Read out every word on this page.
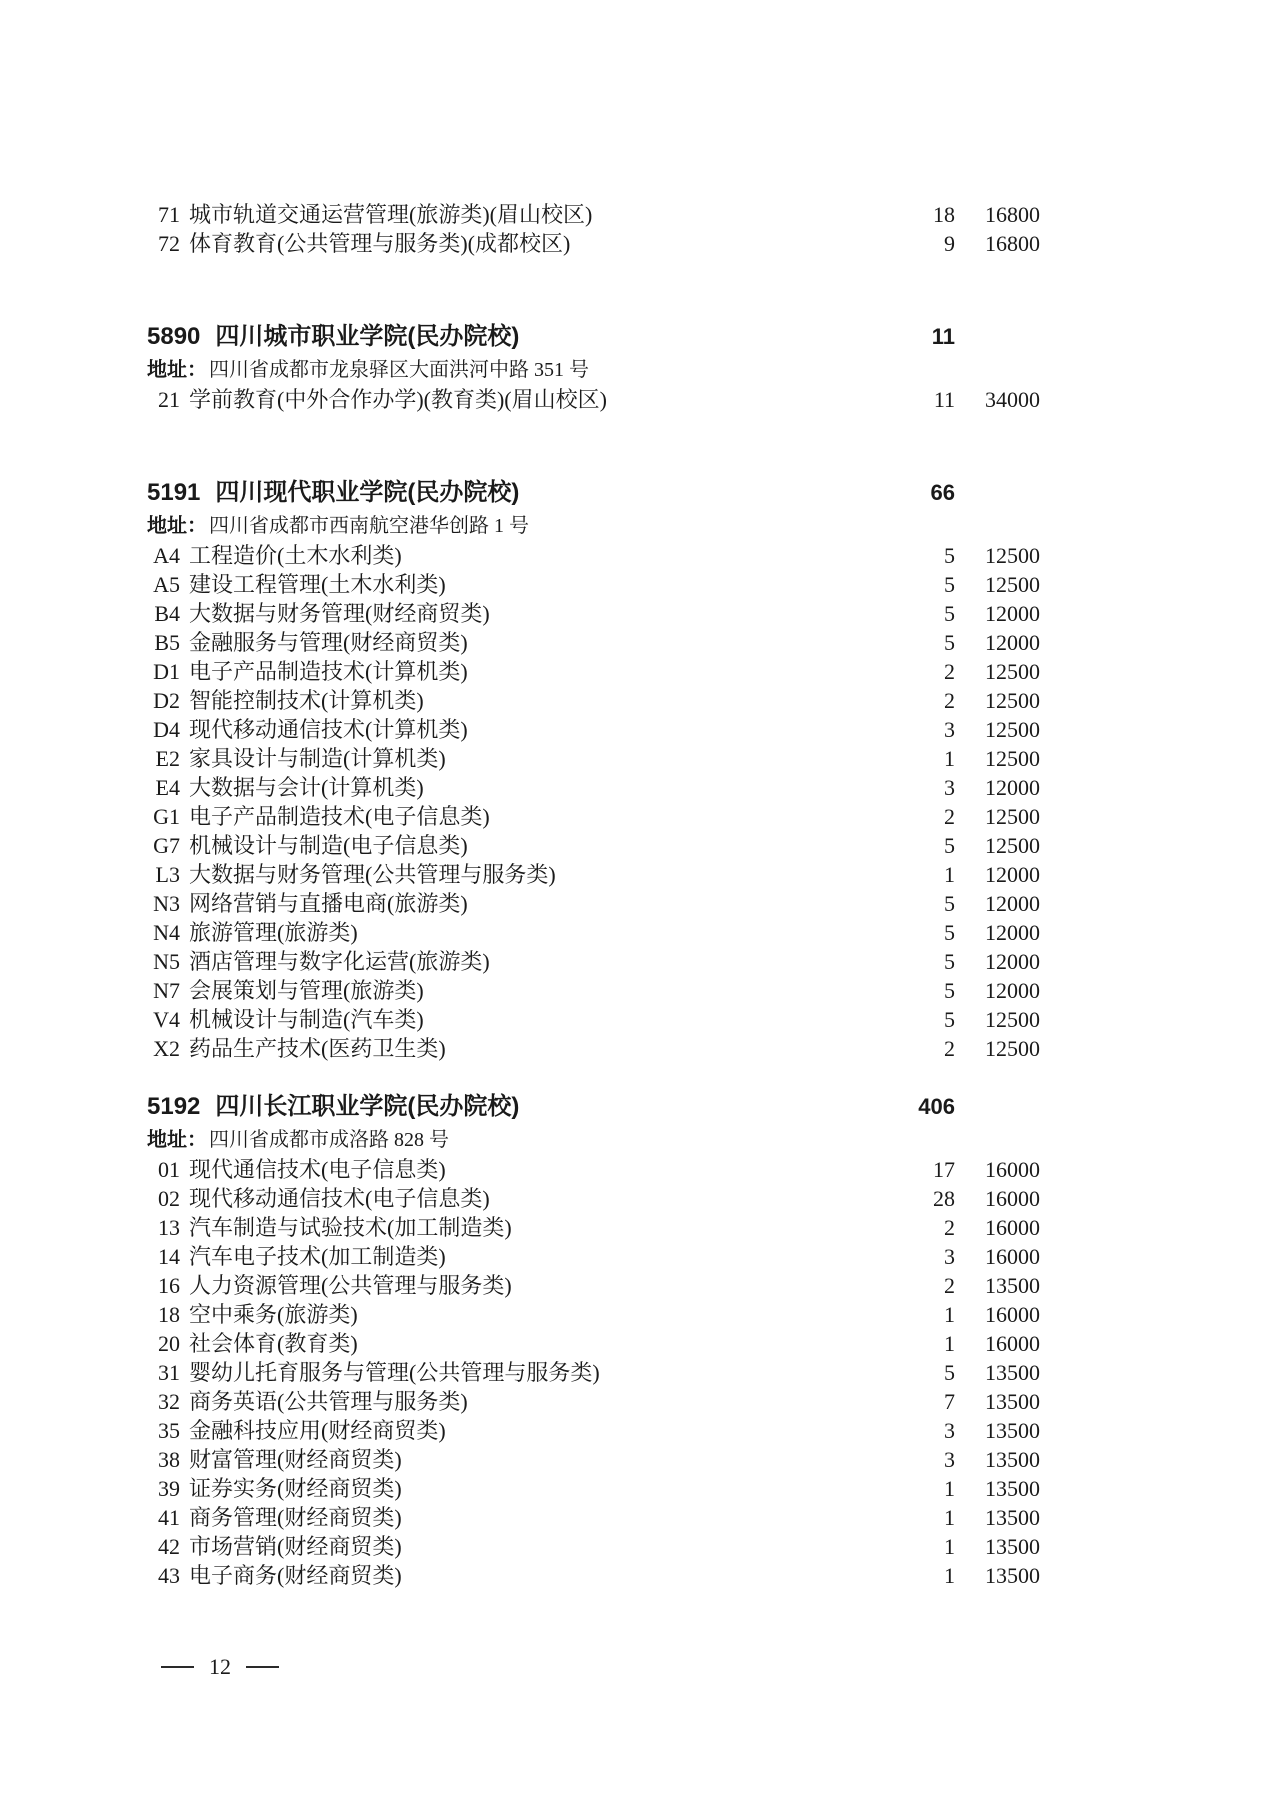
71 城市轨道交通运营管理(旅游类)(眉山校区)	18	16800
72 体育教育(公共管理与服务类)(成都校区)	9	16800
5890 四川城市职业学院(民办院校)	11
地址： 四川省成都市龙泉驿区大面洪河中路 351 号
21 学前教育(中外合作办学)(教育类)(眉山校区)	11	34000
5191 四川现代职业学院(民办院校)	66
地址： 四川省成都市西南航空港华创路 1 号
A4 工程造价(土木水利类)	5	12500
A5 建设工程管理(土木水利类)	5	12500
B4 大数据与财务管理(财经商贸类)	5	12000
B5 金融服务与管理(财经商贸类)	5	12000
D1 电子产品制造技术(计算机类)	2	12500
D2 智能控制技术(计算机类)	2	12500
D4 现代移动通信技术(计算机类)	3	12500
E2 家具设计与制造(计算机类)	1	12500
E4 大数据与会计(计算机类)	3	12000
G1 电子产品制造技术(电子信息类)	2	12500
G7 机械设计与制造(电子信息类)	5	12500
L3 大数据与财务管理(公共管理与服务类)	1	12000
N3 网络营销与直播电商(旅游类)	5	12000
N4 旅游管理(旅游类)	5	12000
N5 酒店管理与数字化运营(旅游类)	5	12000
N7 会展策划与管理(旅游类)	5	12000
V4 机械设计与制造(汽车类)	5	12500
X2 药品生产技术(医药卫生类)	2	12500
5192 四川长江职业学院(民办院校)	406
地址： 四川省成都市成洛路 828 号
01 现代通信技术(电子信息类)	17	16000
02 现代移动通信技术(电子信息类)	28	16000
13 汽车制造与试验技术(加工制造类)	2	16000
14 汽车电子技术(加工制造类)	3	16000
16 人力资源管理(公共管理与服务类)	2	13500
18 空中乘务(旅游类)	1	16000
20 社会体育(教育类)	1	16000
31 婴幼儿托育服务与管理(公共管理与服务类)	5	13500
32 商务英语(公共管理与服务类)	7	13500
35 金融科技应用(财经商贸类)	3	13500
38 财富管理(财经商贸类)	3	13500
39 证券实务(财经商贸类)	1	13500
41 商务管理(财经商贸类)	1	13500
42 市场营销(财经商贸类)	1	13500
43 电子商务(财经商贸类)	1	13500
12
